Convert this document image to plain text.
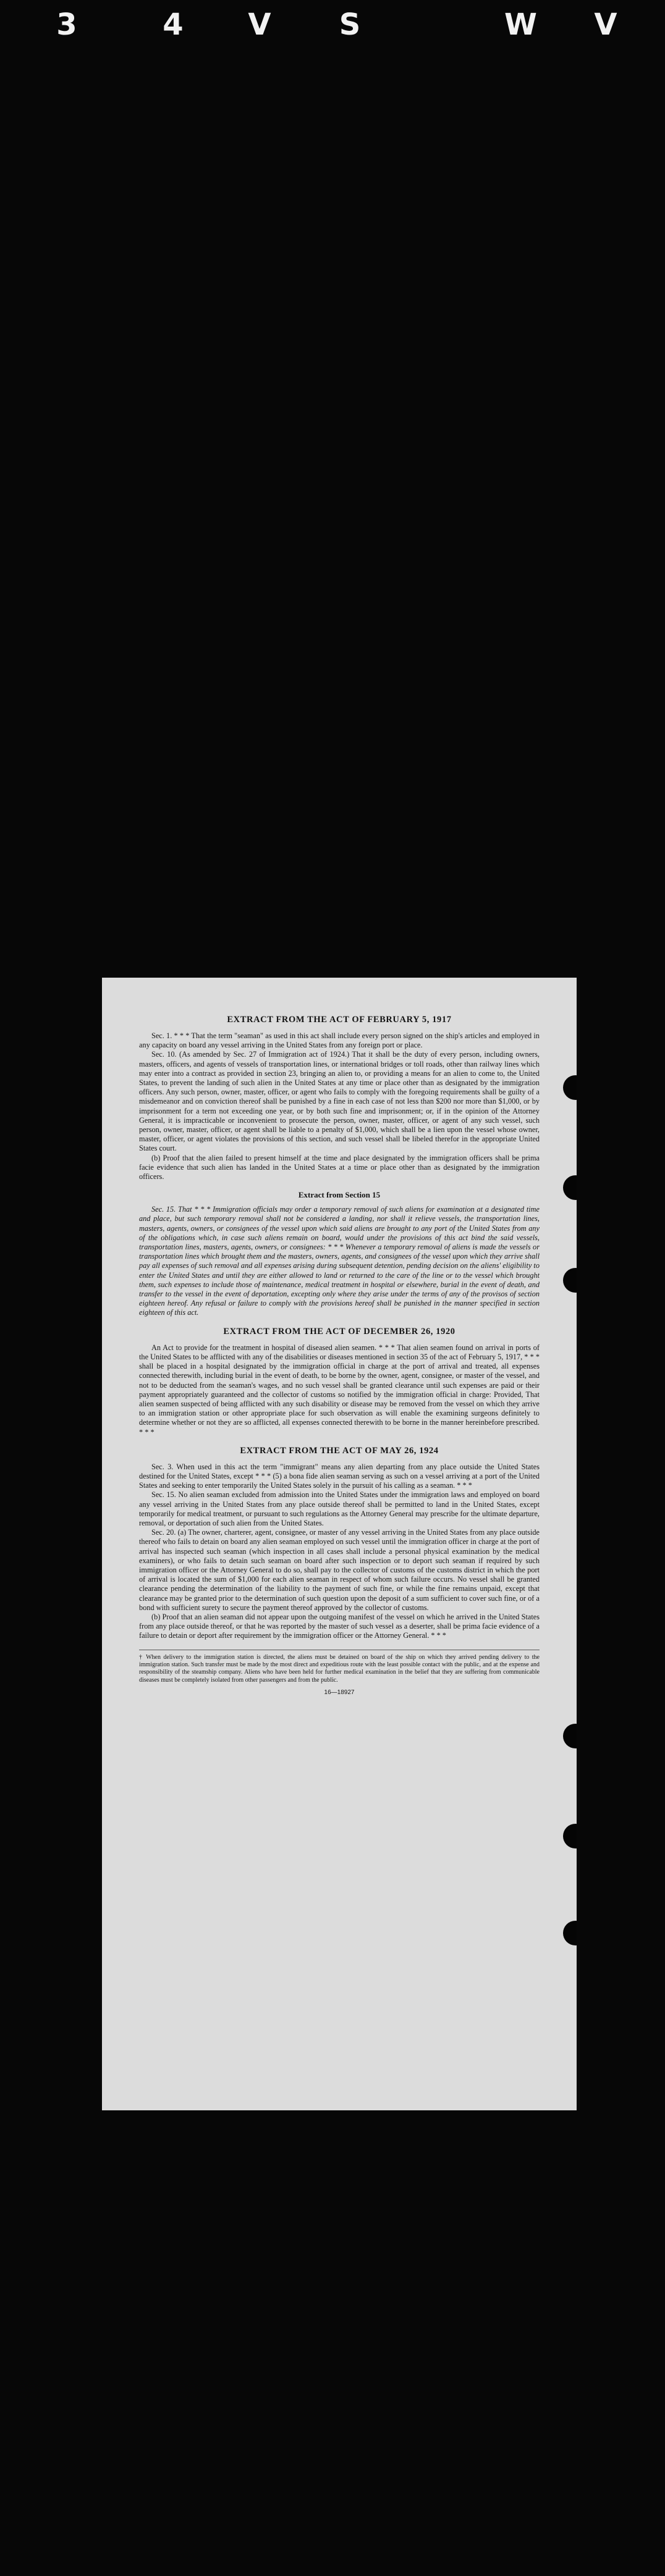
3	4 V S	W V
EXTRACT FROM THE ACT OF FEBRUARY 5, 1917

Sec. 1. * * * That the term "seaman" as used in this act shall include every person signed on the ship's articles and employed in any capacity on board any vessel arriving in the United States from any foreign port or place.

Sec. 10. (As amended by Sec. 27 of Immigration act of 1924.) That it shall be the duty of every person, including owners, masters, officers, and agents of vessels of transportation lines, or international bridges or toll roads, other than railway lines which may enter into a contract as provided in section 23, bringing an alien to, or providing a means for an alien to come to, the United States, to prevent the landing of such alien in the United States at any time or place other than as designated by the immigration officers. Any such person, owner, master, officer, or agent who fails to comply with the foregoing requirements shall be guilty of a misdemeanor and on conviction thereof shall be punished by a fine in each case of not less than $200 nor more than $1,000, or by imprisonment for a term not exceeding one year, or by both such fine and imprisonment; or, if in the opinion of the Attorney General, it is impracticable or inconvenient to prosecute the person, owner, master, officer, or agent of any such vessel, such person, owner, master, officer, or agent shall be liable to a penalty of $1,000, which shall be a lien upon the vessel whose owner, master, officer, or agent violates the provisions of this section, and such vessel shall be libeled therefor in the appropriate United States court.

(b) Proof that the alien failed to present himself at the time and place designated by the immigration officers shall be prima facie evidence that such alien has landed in the United States at a time or place other than as designated by the immigration officers.

Extract from Section 15

Sec. 15. That * * * Immigration officials may order a temporary removal of such aliens for examination at a designated time and place, but such temporary removal shall not be considered a landing, nor shall it relieve vessels, the transportation lines, masters, agents, owners, or consignees of the vessel upon which said aliens are brought to any port of the United States from any of the obligations which, in case such aliens remain on board, would under the provisions of this act bind the said vessels, transportation lines, masters, agents, owners, or consignees: * * * Whenever a temporary removal of aliens is made the vessels or transportation lines which brought them and the masters, owners, agents, and consignees of the vessel upon which they arrive shall pay all expenses of such removal and all expenses arising during subsequent detention, pending decision on the aliens' eligibility to enter the United States and until they are either allowed to land or returned to the care of the line or to the vessel which brought them, such expenses to include those of maintenance, medical treatment in hospital or elsewhere, burial in the event of death, and transfer to the vessel in the event of deportation, excepting only where they arise under the terms of any of the provisos of section eighteen hereof. Any refusal or failure to comply with the provisions hereof shall be punished in the manner specified in section eighteen of this act.

EXTRACT FROM THE ACT OF DECEMBER 26, 1920

An Act to provide for the treatment in hospital of diseased alien seamen. * * * That alien seamen found on arrival in ports of the United States to be afflicted with any of the disabilities or diseases mentioned in section 35 of the act of February 5, 1917, * * * shall be placed in a hospital designated by the immigration official in charge at the port of arrival and treated, all expenses connected therewith, including burial in the event of death, to be borne by the owner, agent, consignee, or master of the vessel, and not to be deducted from the seaman's wages, and no such vessel shall be granted clearance until such expenses are paid or their payment appropriately guaranteed and the collector of customs so notified by the immigration official in charge: Provided, That alien seamen suspected of being afflicted with any such disability or disease may be removed from the vessel on which they arrive to an immigration station or other appropriate place for such observation as will enable the examining surgeons definitely to determine whether or not they are so afflicted, all expenses connected therewith to be borne in the manner hereinbefore prescribed. * * *

EXTRACT FROM THE ACT OF MAY 26, 1924

Sec. 3. When used in this act the term "immigrant" means any alien departing from any place outside the United States destined for the United States, except * * * (5) a bona fide alien seaman serving as such on a vessel arriving at a port of the United States and seeking to enter temporarily the United States solely in the pursuit of his calling as a seaman. * * *

Sec. 15. No alien seaman excluded from admission into the United States under the immigration laws and employed on board any vessel arriving in the United States from any place outside thereof shall be permitted to land in the United States, except temporarily for medical treatment, or pursuant to such regulations as the Attorney General may prescribe for the ultimate departure, removal, or deportation of such alien from the United States.

Sec. 20. (a) The owner, charterer, agent, consignee, or master of any vessel arriving in the United States from any place outside thereof who fails to detain on board any alien seaman employed on such vessel until the immigration officer in charge at the port of arrival has inspected such seaman (which inspection in all cases shall include a personal physical examination by the medical examiners), or who fails to detain such seaman on board after such inspection or to deport such seaman if required by such immigration officer or the Attorney General to do so, shall pay to the collector of customs of the customs district in which the port of arrival is located the sum of $1,000 for each alien seaman in respect of whom such failure occurs. No vessel shall be granted clearance pending the determination of the liability to the payment of such fine, or while the fine remains unpaid, except that clearance may be granted prior to the determination of such question upon the deposit of a sum sufficient to cover such fine, or of a bond with sufficient surety to secure the payment thereof approved by the collector of customs.

(b) Proof that an alien seaman did not appear upon the outgoing manifest of the vessel on which he arrived in the United States from any place outside thereof, or that he was reported by the master of such vessel as a deserter, shall be prima facie evidence of a failure to detain or deport after requirement by the immigration officer or the Attorney General. * * *

† When delivery to the immigration station is directed, the aliens must be detained on board of the ship on which they arrived pending delivery to the immigration station. Such transfer must be made by the most direct and expeditious route with the least possible contact with the public, and at the expense and responsibility of the steamship company. Aliens who have been held for further medical examination in the belief that they are suffering from communicable diseases must be completely isolated from other passengers and from the public.

16—18927
